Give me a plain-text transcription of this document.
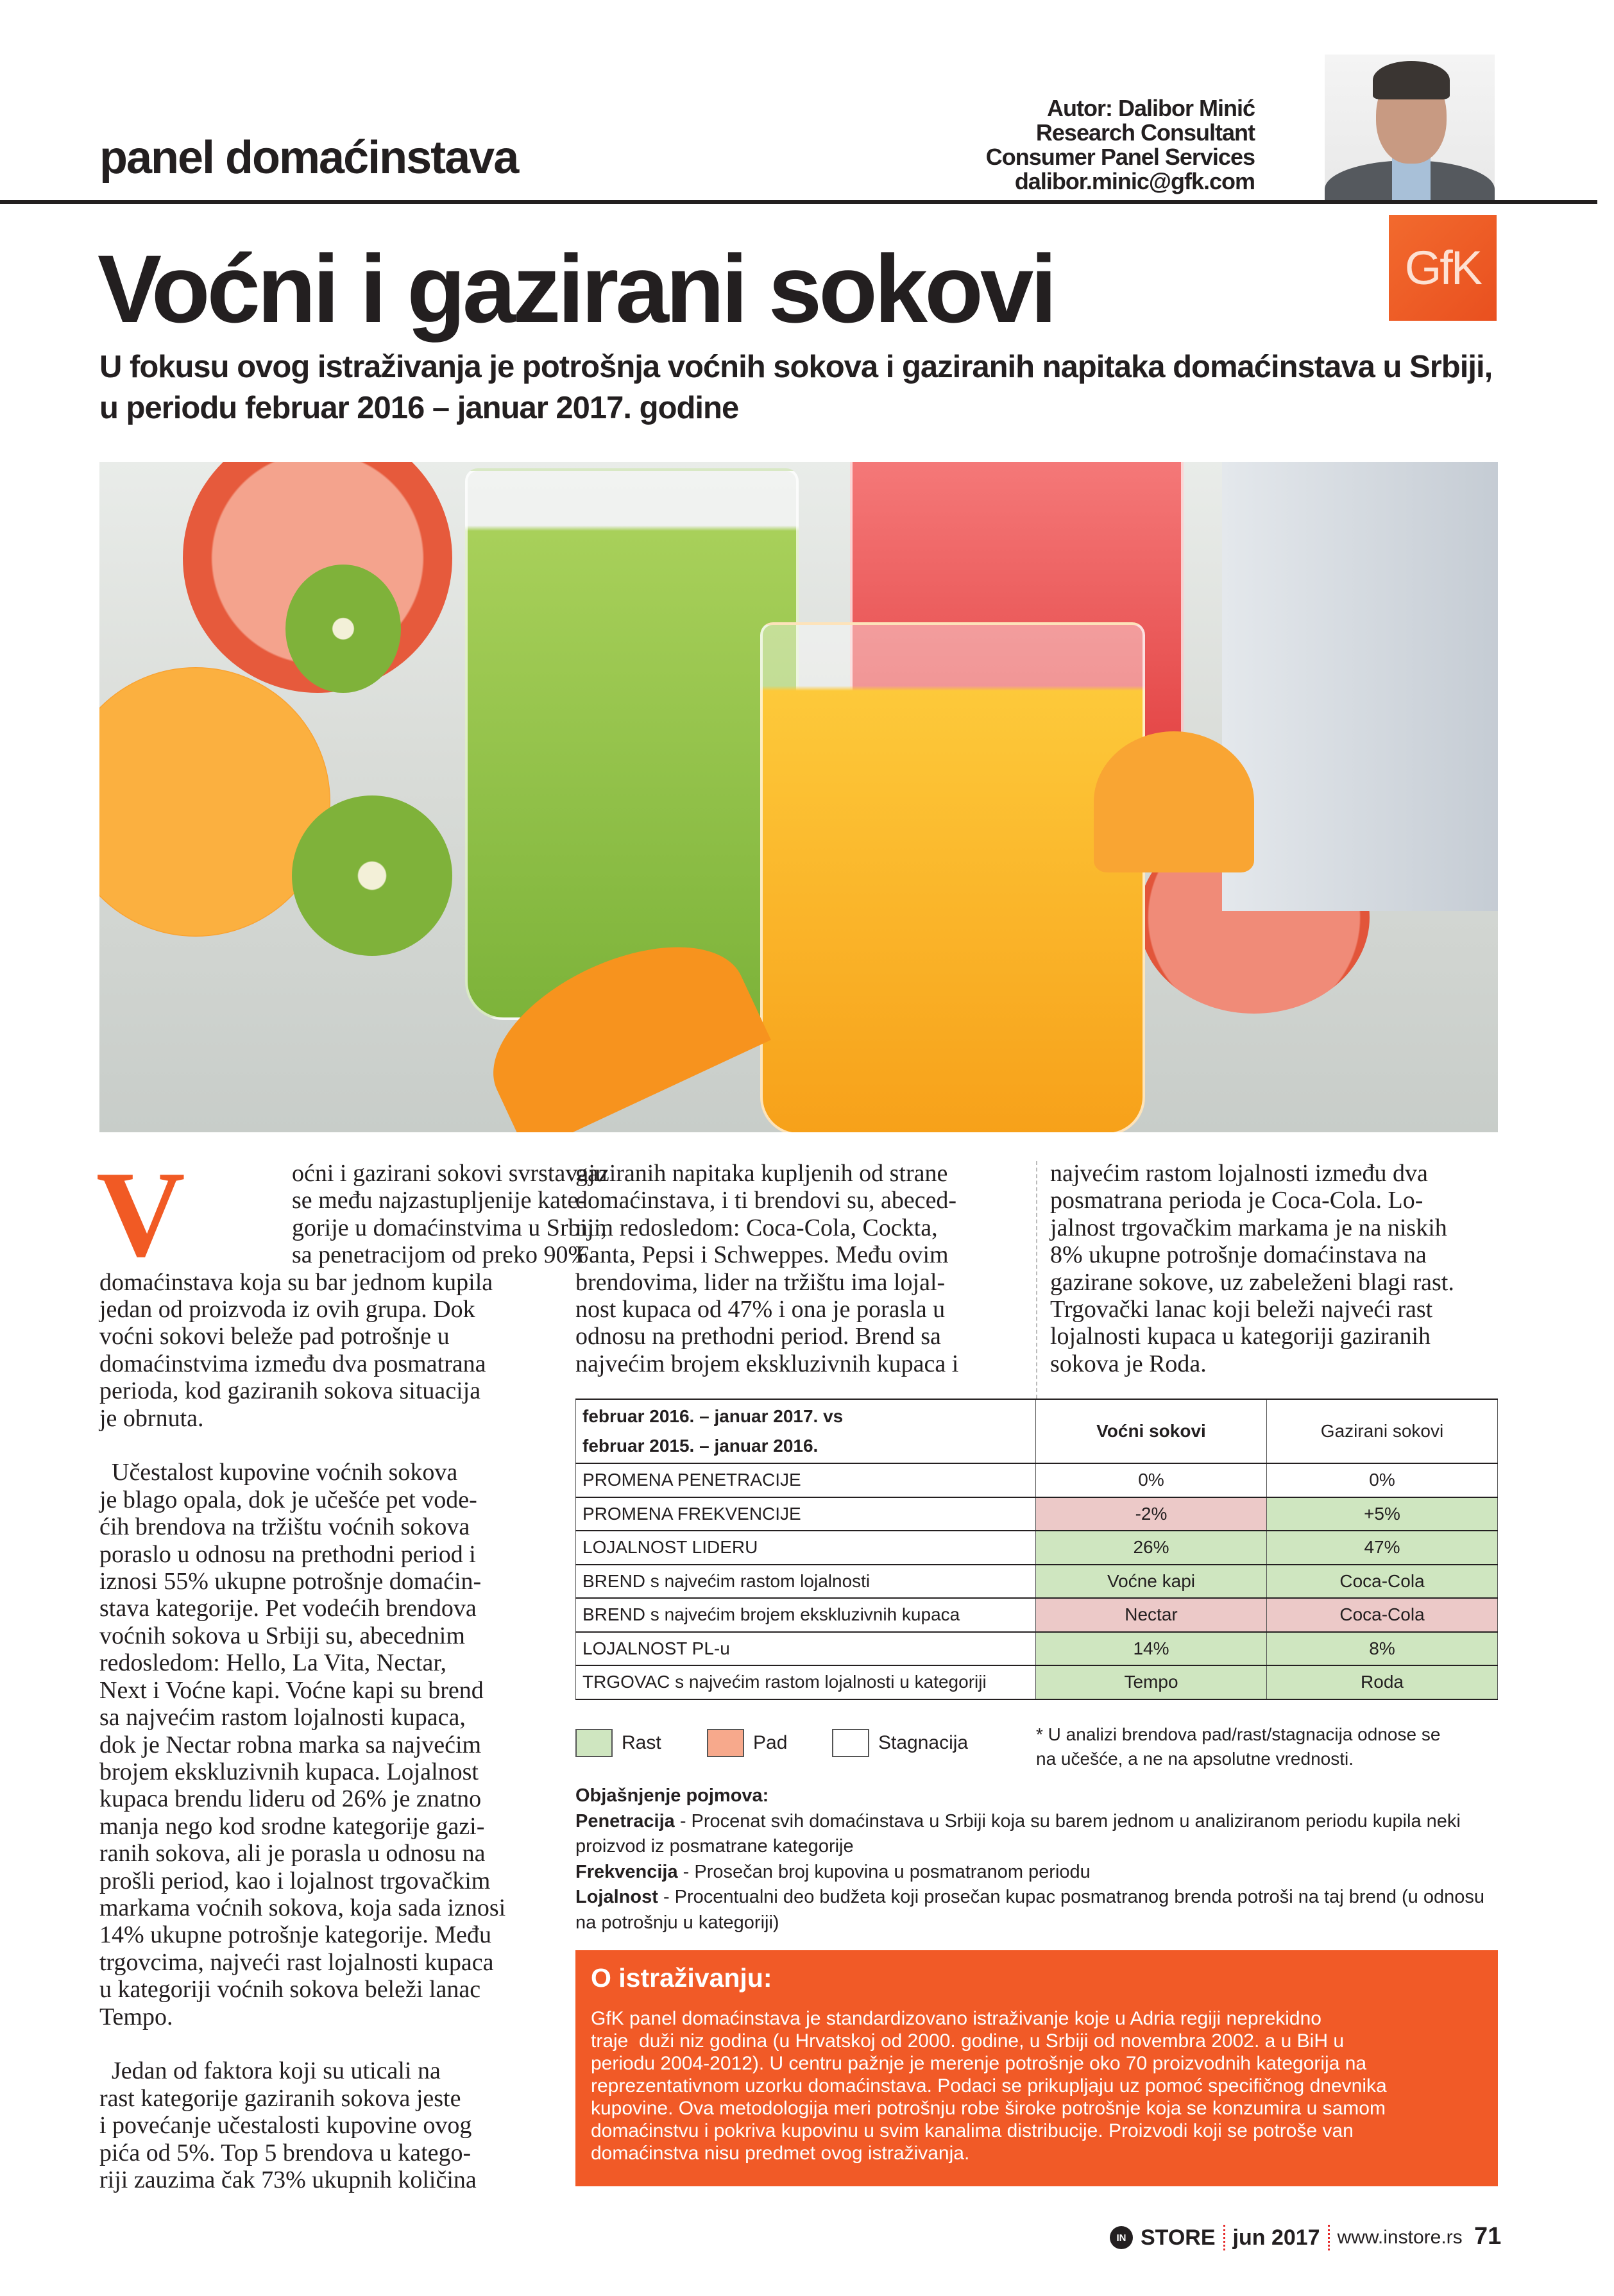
panel domaćinstava
Autor: Dalibor Minić
Research Consultant
Consumer Panel Services
dalibor.minic@gfk.com
Voćni i gazirani sokovi	GfK
U fokusu ovog istraživanja je potrošnja voćnih sokova i gaziranih napitaka domaćinstava u Srbiji,
u periodu februar 2016 – januar 2017. godine
V	oćni i gazirani sokovi svrstavaju
se među najzastupljenije kate-
gorije u domaćinstvima u Srbiji,
sa penetracijom od preko 90%
domaćinstava koja su bar jednom kupila
jedan od proizvoda iz ovih grupa. Dok
voćni sokovi beleže pad potrošnje u
domaćinstvima između dva posmatrana
perioda, kod gaziranih sokova situacija
je obrnuta.
Učestalost kupovine voćnih sokova
je blago opala, dok je učešće pet vode-
ćih brendova na tržištu voćnih sokova
poraslo u odnosu na prethodni period i
iznosi 55% ukupne potrošnje domaćin-
stava kategorije. Pet vodećih brendova
voćnih sokova u Srbiji su, abecednim
redosledom: Hello, La Vita, Nectar,
Next i Voćne kapi. Voćne kapi su brend
sa najvećim rastom lojalnosti kupaca,
dok je Nectar robna marka sa najvećim
brojem ekskluzivnih kupaca. Lojalnost
kupaca brendu lideru od 26% je znatno
manja nego kod srodne kategorije gazi-
ranih sokova, ali je porasla u odnosu na
prošli period, kao i lojalnost trgovačkim
markama voćnih sokova, koja sada iznosi
14% ukupne potrošnje kategorije. Među
trgovcima, najveći rast lojalnosti kupaca
u kategoriji voćnih sokova beleži lanac
Tempo.
Jedan od faktora koji su uticali na
rast kategorije gaziranih sokova jeste
i povećanje učestalosti kupovine ovog
pića od 5%. Top 5 brendova u katego-
riji zauzima čak 73% ukupnih količina
gaziranih napitaka kupljenih od strane
domaćinstava, i ti brendovi su, abeced-
nim redosledom: Coca-Cola, Cockta,
Fanta, Pepsi i Schweppes. Među ovim
brendovima, lider na tržištu ima lojal-
nost kupaca od 47% i ona je porasla u
odnosu na prethodni period. Brend sa
najvećim brojem ekskluzivnih kupaca i
najvećim rastom lojalnosti između dva
posmatrana perioda je Coca-Cola. Lo-
jalnost trgovačkim markama je na niskih
8% ukupne potrošnje domaćinstava na
gazirane sokove, uz zabeleženi blagi rast.
Trgovački lanac koji beleži najveći rast
lojalnosti kupaca u kategoriji gaziranih
sokova je Roda.
februar 2016. – januar 2017. vs
februar 2015. – januar 2016.	Voćni sokovi	Gazirani sokovi
PROMENA PENETRACIJE	0%	0%
PROMENA FREKVENCIJE	-2%	+5%
LOJALNOST LIDERU	26%	47%
BREND s najvećim rastom lojalnosti	Voćne kapi	Coca-Cola
BREND s najvećim brojem ekskluzivnih kupaca	Nectar	Coca-Cola
LOJALNOST PL-u	14%	8%
TRGOVAC s najvećim rastom lojalnosti u kategoriji	Tempo	Roda
Rast	Pad	Stagnacija	* U analizi brendova pad/rast/stagnacija odnose se
na učešće, a ne na apsolutne vrednosti.
Objašnjenje pojmova:
Penetracija - Procenat svih domaćinstava u Srbiji koja su barem jednom u analiziranom periodu kupila neki proizvod iz posmatrane kategorije
Frekvencija - Prosečan broj kupovina u posmatranom periodu
Lojalnost - Procentualni deo budžeta koji prosečan kupac posmatranog brenda potroši na taj brend (u odnosu na potrošnju u kategoriji)
O istraživanju:

GfK panel domaćinstava je standardizovano istraživanje koje u Adria regiji neprekidno
traje  duži niz godina (u Hrvatskoj od 2000. godine, u Srbiji od novembra 2002. a u BiH u
periodu 2004-2012). U centru pažnje je merenje potrošnje oko 70 proizvodnih kategorija na
reprezentativnom uzorku domaćinstava. Podaci se prikupljaju uz pomoć specifičnog dnevnika
kupovine. Ova metodologija meri potrošnju robe široke potrošnje koja se konzumira u samom
domaćinstvu i pokriva kupovinu u svim kanalima distribucije. Proizvodi koji se potroše van
domaćinstva nisu predmet ovog istraživanja.

IN STORE jun 2017 www.instore.rs 71
